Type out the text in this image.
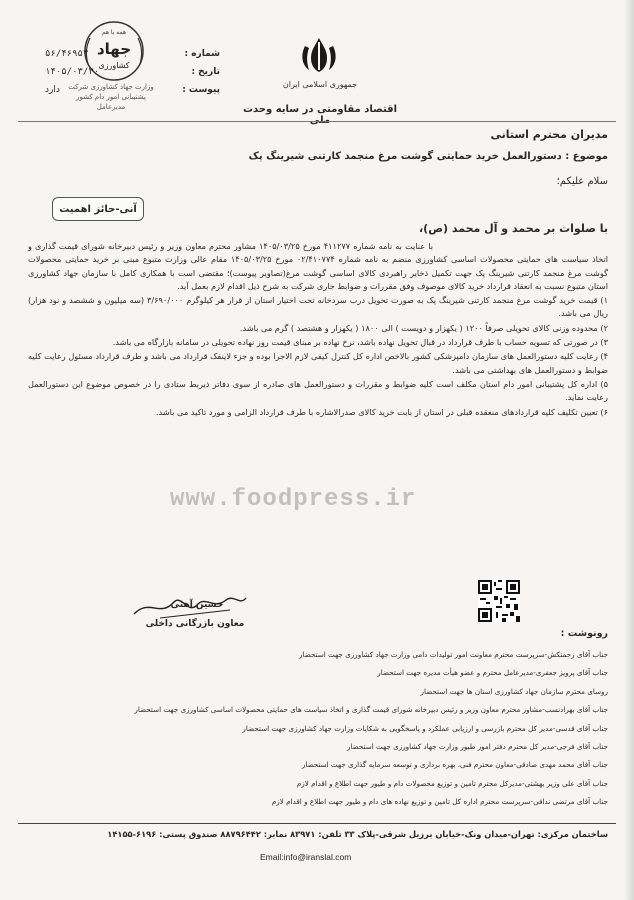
همه با هم
جهاد
کشاورزی
وزارت جهاد کشاورزی شرکت پشتیبانی امور دام کشور مدیرعامل
جمهوری اسلامی ایران
اقتصاد مقاومتی در سایه وحدت
شماره :
۵۶/۴۶۹۵۳
تاریخ :
۱۴۰۵/۰۳/۳۰
پیوست :
دارد
مدیران محترم استانی
موضوع : دستورالعمل خرید حمایتی گوشت مرغ منجمد کارتنی شیرینگ پک
سلام علیکم؛
آنی-حائز اهمیت
با صلوات بر محمد و آل محمد (ص)،

با عنایت به نامه شماره ۴۱۱۲۷۷ مورخ ۱۴۰۵/۰۳/۲۵ مشاور محترم معاون وزیر و رئیس دبیرخانه شورای قیمت گذاری و اتخاذ سیاست های حمایتی محصولات اساسی کشاورزی منضم به نامه شماره ۰۲/۴۱۰۷۷۴ مورخ ۱۴۰۵/۰۳/۲۵ مقام عالی وزارت متبوع مبنی بر خرید حمایتی محصولات گوشت مرغ منجمد کارتنی شیرینگ پک جهت تکمیل ذخایر راهبردی کالای اساسی گوشت مرغ(تصاویر پیوست)؛ مقتضی است با همکاری کامل با سازمان جهاد کشاورزی استان متبوع نسبت به انعقاد قرارداد خرید کالای موصوف وفق مقررات و ضوابط جاری شرکت به شرح ذیل اقدام لازم بعمل آید.

۱) قیمت خرید گوشت مرغ منجمد کارتنی شیرینگ پک به صورت تحویل درب سردخانه تحت اختیار استان از قرار هر کیلوگرم ۳/۶۹۰/۰۰۰ (سه میلیون و ششصد و نود هزار) ریال می باشد.

۲) محدوده وزنی کالای تحویلی صرفاً ۱۲۰۰ ( یکهزار و دویست ) الی ۱۸۰۰ ( یکهزار و هشتصد ) گرم می باشد.

۳) در صورتی که تسویه حساب با طرف قرارداد در قبال تحویل نهاده باشد، نرخ نهاده بر مبنای قیمت روز نهاده تحویلی در سامانه بازارگاه می باشد.

۴) رعایت کلیه دستورالعمل های سازمان دامپزشکی کشور بالاخص اداره کل کنترل کیفی لازم الاجرا بوده و جزء لاینفک قرارداد می باشد و طرف قرارداد مسئول رعایت کلیه ضوابط و دستورالعمل های بهداشتی می باشد.

۵) اداره کل پشتیبانی امور دام استان مکلف است کلیه ضوابط و مقررات و دستورالعمل های صادره از سوی دفاتر ذیربط ستادی را در خصوص موضوع این دستورالعمل رعایت نماید.

۶) تعیین تکلیف کلیه قراردادهای منعقده قبلی در استان از بابت خرید کالای صدرالاشاره با طرف قرارداد الزامی و مورد تاکید می باشد.

www.foodpress.ir
حسین آهنی
معاون بازرگانی داخلی
رونوشت :
جناب آقای زحمتکش-سرپرست محترم معاونت امور تولیدات دامی وزارت جهاد کشاورزی جهت استحضار
جناب آقای پرویز جعفری-مدیرعامل محترم و عضو هیأت مدیره جهت استحضار
روسای محترم سازمان جهاد کشاورزی استان ها جهت استحضار
جناب آقای بهرادنسب-مشاور محترم معاون وزیر و رئیس دبیرخانه شورای قیمت گذاری و اتخاذ سیاست های حمایتی محصولات اساسی کشاورزی جهت استحضار
جناب آقای قدسی-مدیر کل محترم بازرسی و ارزیابی عملکرد و پاسخگویی به شکایات وزارت جهاد کشاورزی جهت استحضار
جناب آقای فرجی-مدیر کل محترم دفتر امور طیور وزارت جهاد کشاورزی جهت استحضار
جناب آقای محمد مهدی صادقی-معاون محترم فنی، بهره برداری و توسعه سرمایه گذاری جهت استحضار
جناب آقای علی وزیر بهشتی-مدیرکل محترم تامین و توزیع محصولات دام و طیور جهت اطلاع و اقدام لازم
جناب آقای مرتضی ندافی-سرپرست محترم اداره کل تامین و توزیع نهاده های دام و طیور جهت اطلاع و اقدام لازم
ساختمان مرکزی: تهران-میدان ونک-خیابان برزیل شرقی-پلاک ۳۳ تلفن: ۸۳۹۷۱ نمابر: ۸۸۷۹۶۴۴۲ صندوق پستی: ۶۱۹۶-۱۴۱۵۵
Email:info@iranslal.com
